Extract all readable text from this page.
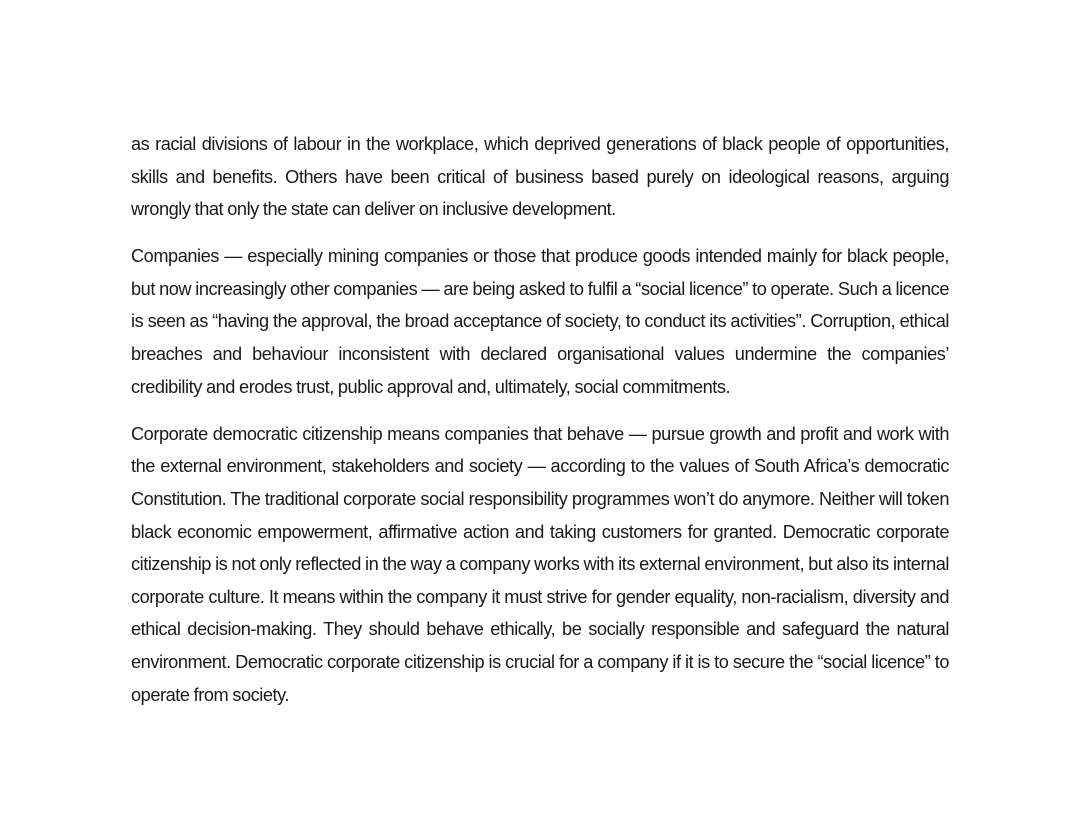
as racial divisions of labour in the workplace, which deprived generations of black people of opportunities, skills and benefits. Others have been critical of business based purely on ideological reasons, arguing wrongly that only the state can deliver on inclusive development.

Companies — especially mining companies or those that produce goods intended mainly for black people, but now increasingly other companies — are being asked to fulfil a “social licence” to operate. Such a licence is seen as “having the approval, the broad acceptance of society, to conduct its activities”. Corruption, ethical breaches and behaviour inconsistent with declared organisational values undermine the companies’ credibility and erodes trust, public approval and, ultimately, social commitments.

Corporate democratic citizenship means companies that behave — pursue growth and profit and work with the external environment, stakeholders and society — according to the values of South Africa’s democratic Constitution. The traditional corporate social responsibility programmes won’t do anymore. Neither will token black economic empowerment, affirmative action and taking customers for granted. Democratic corporate citizenship is not only reflected in the way a company works with its external environment, but also its internal corporate culture. It means within the company it must strive for gender equality, non-racialism, diversity and ethical decision-making. They should behave ethically, be socially responsible and safeguard the natural environment. Democratic corporate citizenship is crucial for a company if it is to secure the “social licence” to operate from society.
